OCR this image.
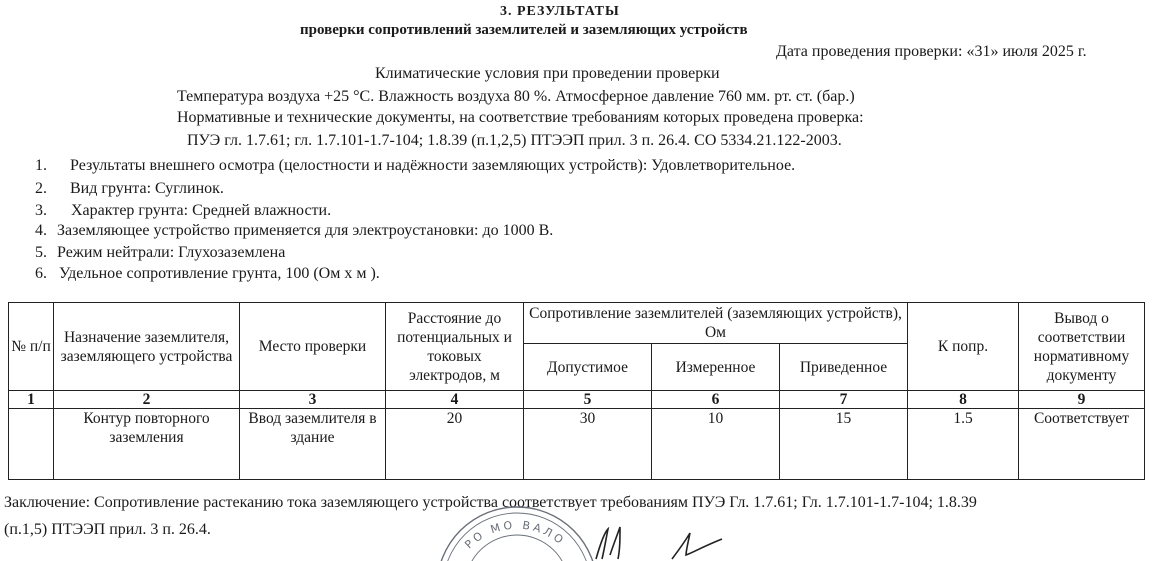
3. РЕЗУЛЬТАТЫ
проверки сопротивлений заземлителей и заземляющих устройств
Дата проведения проверки: «31» июля 2025 г.
Климатические условия при проведении проверки
Температура воздуха +25 °С. Влажность воздуха 80 %. Атмосферное давление 760 мм. рт. ст. (бар.)
Нормативные и технические документы, на соответствие требованиям которых проведена проверка:
ПУЭ гл. 1.7.61; гл. 1.7.101-1.7-104; 1.8.39 (п.1,2,5) ПТЭЭП прил. 3 п. 26.4. СО 5334.21.122-2003.
1. Результаты внешнего осмотра (целостности и надёжности заземляющих устройств): Удовлетворительное.
2. Вид грунта: Суглинок.
3. Характер грунта: Средней влажности.
4. Заземляющее устройство применяется для электроустановки: до 1000 В.
5. Режим нейтрали: Глухозаземлена
6. Удельное сопротивление грунта, 100 (Ом х м ).
№ п/п	Назначение заземлителя, заземляющего устройства	Место проверки	Расстояние до потенциальных и токовых электродов, м	Сопротивление заземлителей (заземляющих устройств), Ом			К попр.	Вывод о соответствии нормативному документу
				Допустимое	Измеренное	Приведенное		
1	2	3	4	5	6	7	8	9
	Контур повторного заземления	Ввод заземлителя в здание	20	30	10	15	1.5	Соответствует
Заключение: Сопротивление растеканию тока заземляющего устройства соответствует требованиям ПУЭ Гл. 1.7.61; Гл. 1.7.101-1.7-104; 1.8.39
(п.1,5) ПТЭЭП прил. 3 п. 26.4.
РО МО ВАЛО
